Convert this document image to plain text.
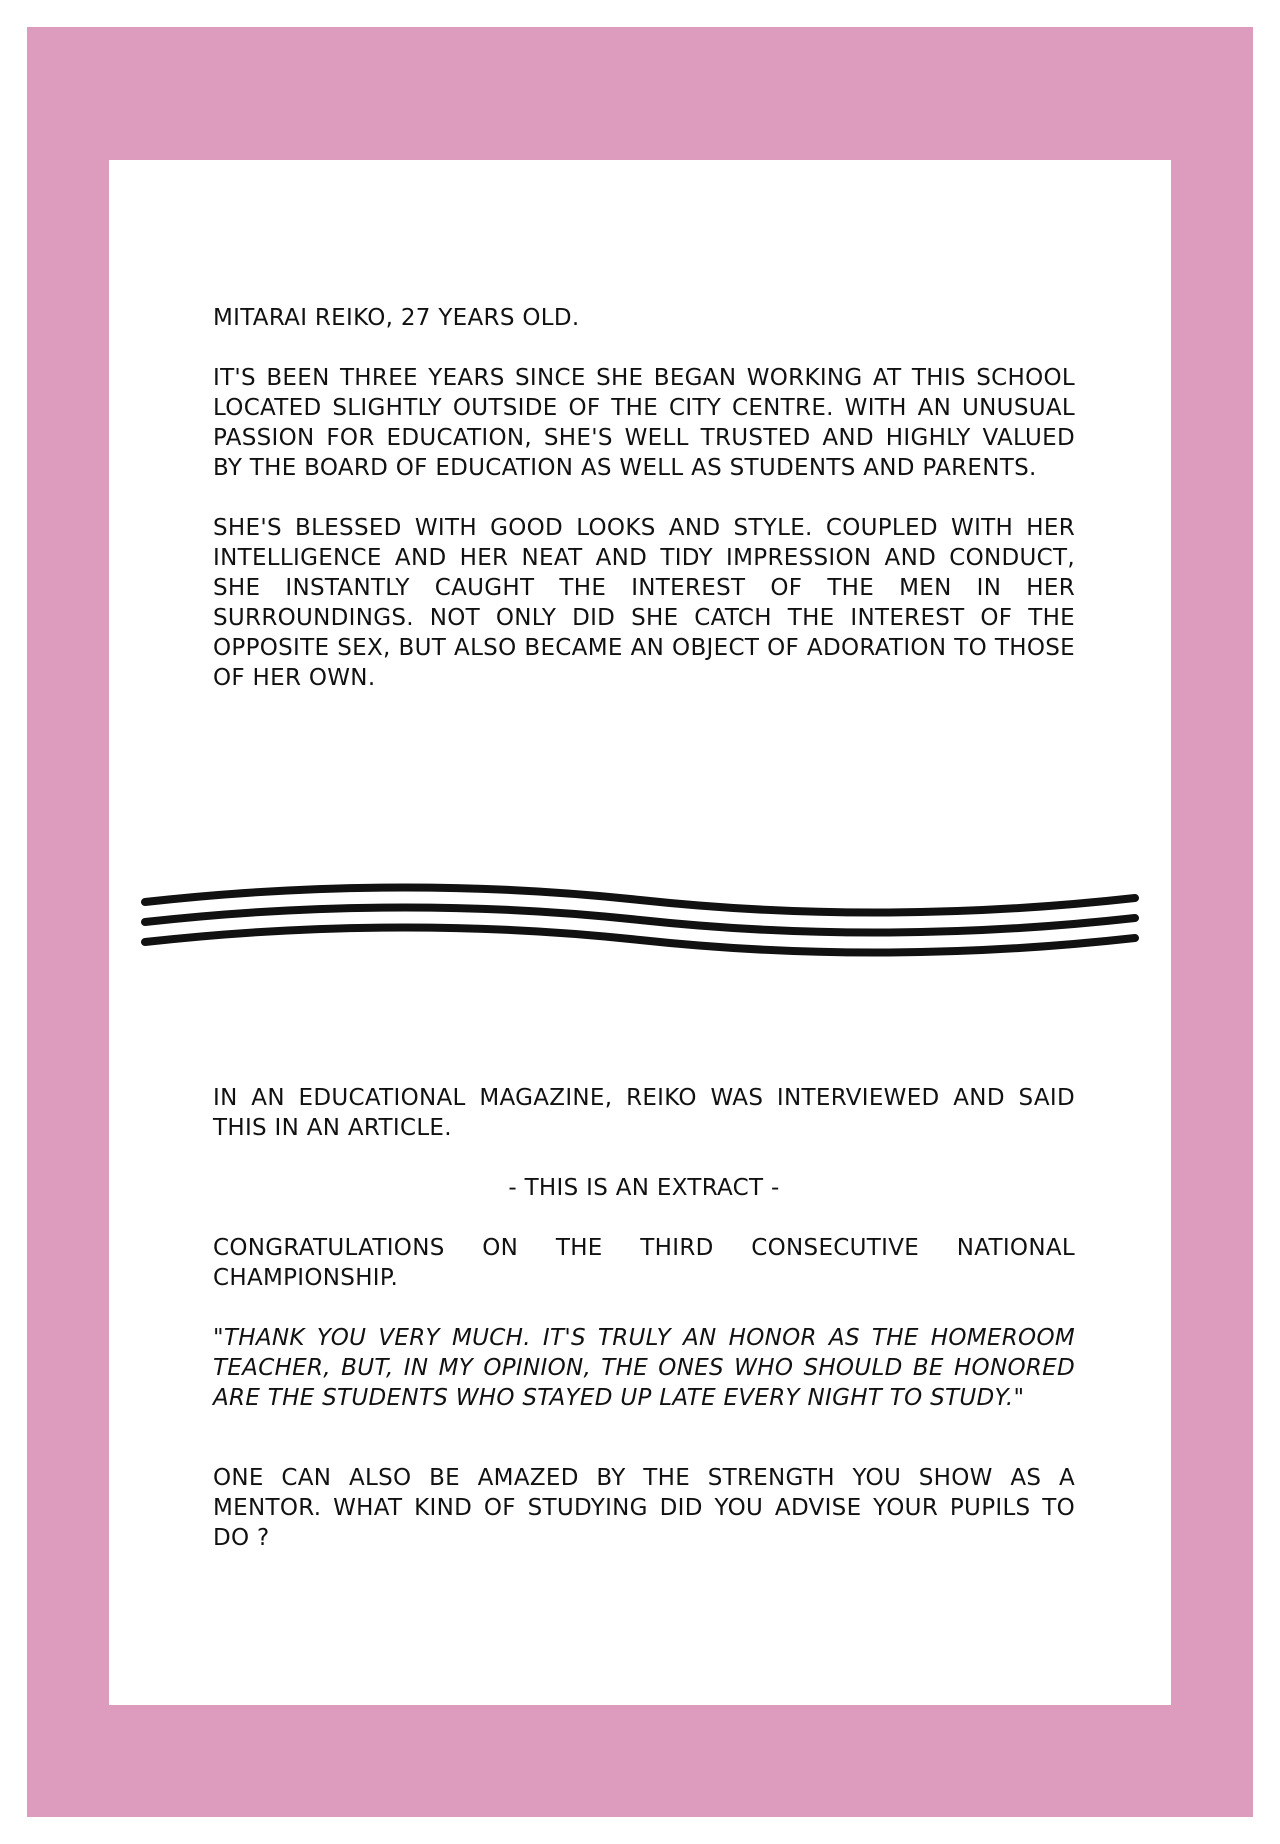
MITARAI REIKO, 27 YEARS OLD.

IT'S BEEN THREE YEARS SINCE SHE BEGAN WORKING AT THIS SCHOOL LOCATED SLIGHTLY OUTSIDE OF THE CITY CENTRE. WITH AN UNUSUAL PASSION FOR EDUCATION, SHE'S WELL TRUSTED AND HIGHLY VALUED BY THE BOARD OF EDUCATION AS WELL AS STUDENTS AND PARENTS.

SHE'S BLESSED WITH GOOD LOOKS AND STYLE. COUPLED WITH HER INTELLIGENCE AND HER NEAT AND TIDY IMPRESSION AND CONDUCT, SHE INSTANTLY CAUGHT THE INTEREST OF THE MEN IN HER SURROUNDINGS. NOT ONLY DID SHE CATCH THE INTEREST OF THE OPPOSITE SEX, BUT ALSO BECAME AN OBJECT OF ADORATION TO THOSE OF HER OWN.

IN AN EDUCATIONAL MAGAZINE, REIKO WAS INTERVIEWED AND SAID THIS IN AN ARTICLE.

- THIS IS AN EXTRACT -

CONGRATULATIONS ON THE THIRD CONSECUTIVE NATIONAL CHAMPIONSHIP.

"THANK YOU VERY MUCH. IT'S TRULY AN HONOR AS THE HOMEROOM TEACHER, BUT, IN MY OPINION, THE ONES WHO SHOULD BE HONORED ARE THE STUDENTS WHO STAYED UP LATE EVERY NIGHT TO STUDY."

ONE CAN ALSO BE AMAZED BY THE STRENGTH YOU SHOW AS A MENTOR. WHAT KIND OF STUDYING DID YOU ADVISE YOUR PUPILS TO DO ?
